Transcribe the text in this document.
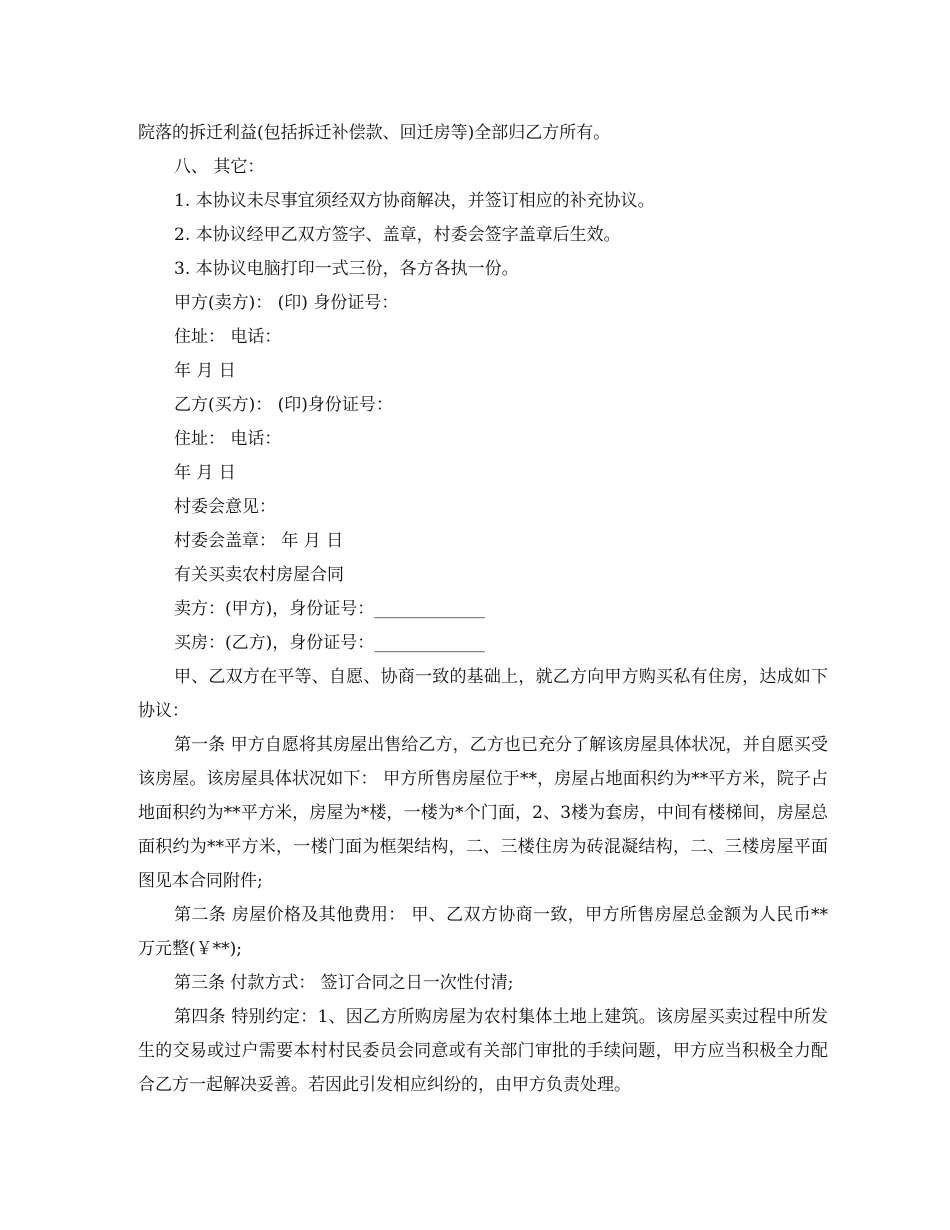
院落的拆迁利益(包括拆迁补偿款、回迁房等)全部归乙方所有。

八、 其它：

1. 本协议未尽事宜须经双方协商解决，并签订相应的补充协议。

2. 本协议经甲乙双方签字、盖章，村委会签字盖章后生效。

3. 本协议电脑打印一式三份，各方各执一份。

甲方(卖方)： (印) 身份证号：

住址： 电话：

年 月 日

乙方(买方)： (印)身份证号：

住址： 电话：

年 月 日

村委会意见：

村委会盖章： 年 月 日

有关买卖农村房屋合同

卖方：(甲方)，身份证号：_____________

买房：(乙方)，身份证号：_____________

甲、乙双方在平等、自愿、协商一致的基础上，就乙方向甲方购买私有住房，达成如下协议：

第一条 甲方自愿将其房屋出售给乙方，乙方也已充分了解该房屋具体状况，并自愿买受该房屋。该房屋具体状况如下： 甲方所售房屋位于**，房屋占地面积约为**平方米，院子占地面积约为**平方米，房屋为*楼，一楼为*个门面，2、3楼为套房，中间有楼梯间，房屋总面积约为**平方米，一楼门面为框架结构，二、三楼住房为砖混凝结构，二、三楼房屋平面图见本合同附件;

第二条 房屋价格及其他费用： 甲、乙双方协商一致，甲方所售房屋总金额为人民币**万元整(￥**);

第三条 付款方式： 签订合同之日一次性付清;

第四条 特别约定：1、因乙方所购房屋为农村集体土地上建筑。该房屋买卖过程中所发生的交易或过户需要本村村民委员会同意或有关部门审批的手续问题，甲方应当积极全力配合乙方一起解决妥善。若因此引发相应纠纷的，由甲方负责处理。
